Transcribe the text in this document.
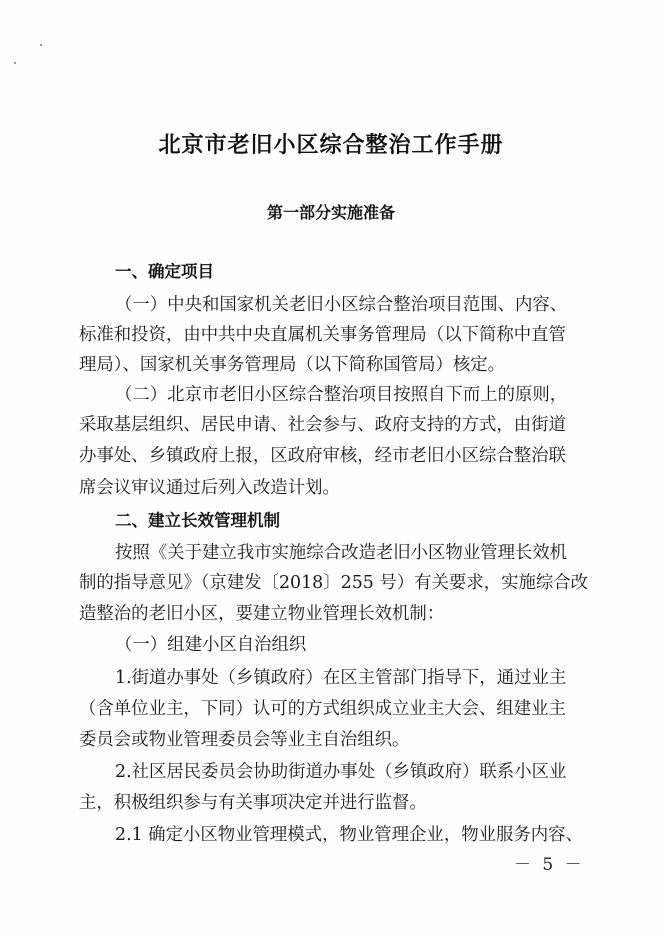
北京市老旧小区综合整治工作手册
第一部分实施准备
一、确定项目
（一）中央和国家机关老旧小区综合整治项目范围、内容、
标准和投资，由中共中央直属机关事务管理局（以下简称中直管
理局）、国家机关事务管理局（以下简称国管局）核定。
（二）北京市老旧小区综合整治项目按照自下而上的原则，
采取基层组织、居民申请、社会参与、政府支持的方式，由街道
办事处、乡镇政府上报，区政府审核，经市老旧小区综合整治联
席会议审议通过后列入改造计划。
二、建立长效管理机制
按照《关于建立我市实施综合改造老旧小区物业管理长效机
制的指导意见》（京建发〔2018〕255 号）有关要求，实施综合改
造整治的老旧小区，要建立物业管理长效机制：
（一）组建小区自治组织
1.街道办事处（乡镇政府）在区主管部门指导下，通过业主
（含单位业主，下同）认可的方式组织成立业主大会、组建业主
委员会或物业管理委员会等业主自治组织。
2.社区居民委员会协助街道办事处（乡镇政府）联系小区业
主，积极组织参与有关事项决定并进行监督。
2.1 确定小区物业管理模式，物业管理企业，物业服务内容、
－ 5 －
